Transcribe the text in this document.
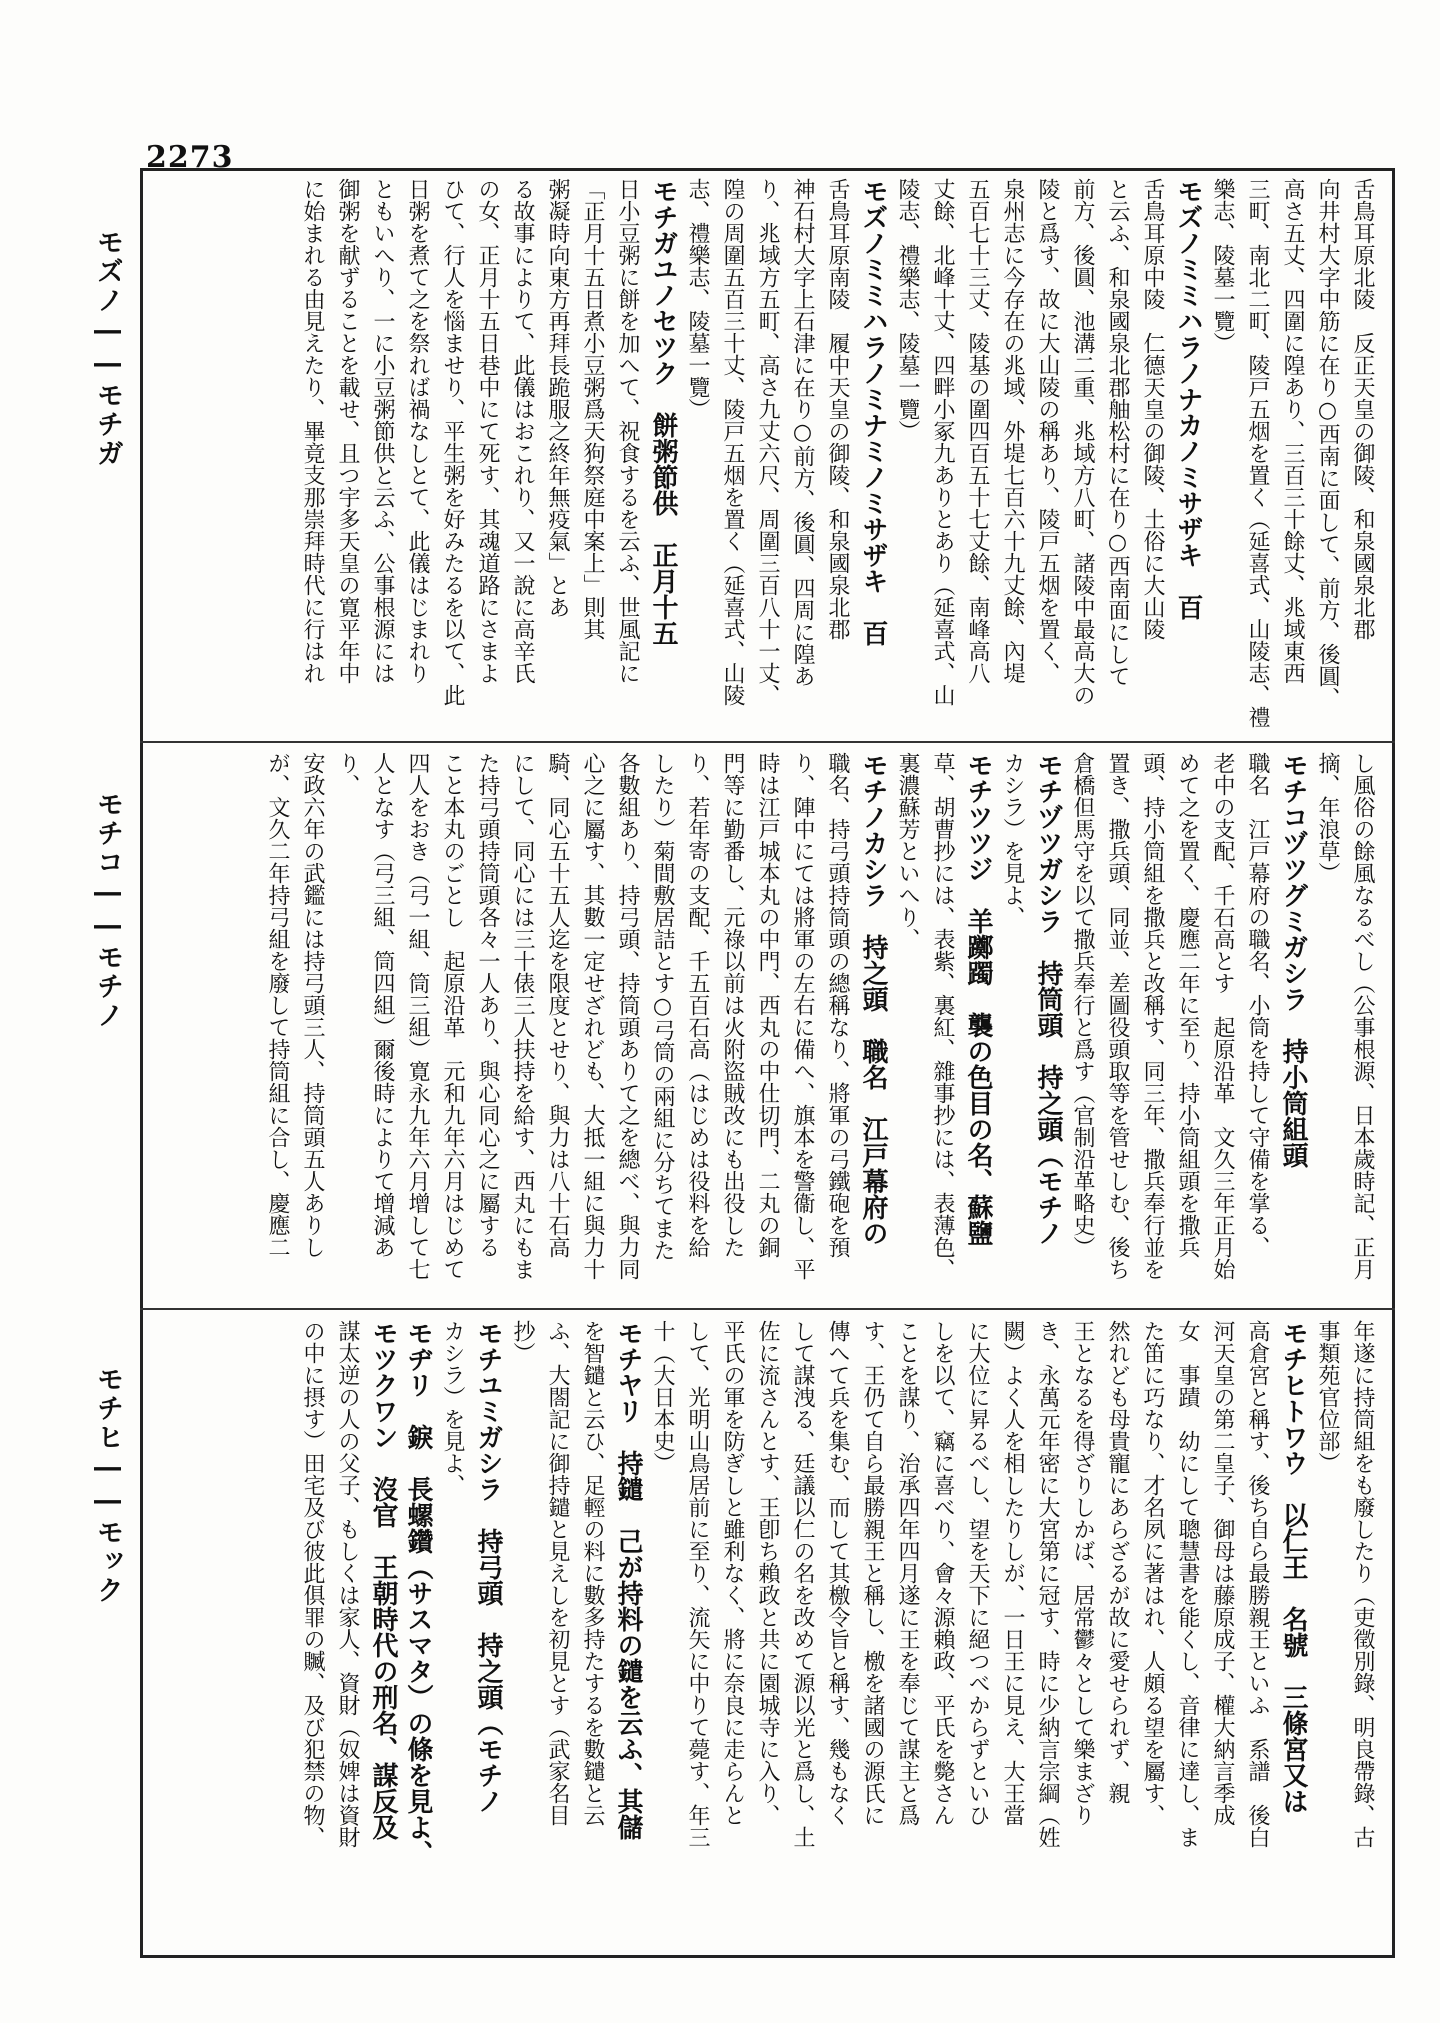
2273
モズノ――モチガ
モチコ――モチノ
モチヒ――モック
舌鳥耳原北陵　反正天皇の御陵、和泉國泉北郡
向井村大字中筋に在り○西南に面して、前方、後圓、
高さ五丈、四圍に隍あり、三百三十餘丈、兆域東西
三町、南北二町、陵戸五烟を置く（延喜式、山陵志、禮
樂志、陵墓一覽）
モズノミミハラノナカノミサザキ　百
舌鳥耳原中陵　仁德天皇の御陵、土俗に大山陵
と云ふ、和泉國泉北郡舳松村に在り○西南面にして
前方、後圓、池溝二重、兆域方八町、諸陵中最高大の
陵と爲す、故に大山陵の稱あり、陵戸五烟を置く、
泉州志に今存在の兆域、外堤七百六十九丈餘、內堤
五百七十三丈、陵基の圍四百五十七丈餘、南峰高八
丈餘、北峰十丈、四畔小冢九ありとあり（延喜式、山
陵志、禮樂志、陵墓一覽）
モズノミミハラノミナミノミサザキ　百
舌鳥耳原南陵　履中天皇の御陵、和泉國泉北郡
神石村大字上石津に在り○前方、後圓、四周に隍あ
り、兆域方五町、高さ九丈六尺、周圍三百八十一丈、
隍の周圍五百三十丈、陵戸五烟を置く（延喜式、山陵
志、禮樂志、陵墓一覽）
モチガユノセツク　餅粥節供　正月十五
日小豆粥に餅を加へて、祝食するを云ふ、世風記に
「正月十五日煮小豆粥爲天狗祭庭中案上」則其
粥凝時向東方再拜長跪服之終年無疫氣」とあ
る故事によりて、此儀はおこれり、又一說に高辛氏
の女、正月十五日巷中にて死す、其魂道路にさまよ
ひて、行人を惱ませり、平生粥を好みたるを以て、此
日粥を煮て之を祭れば禍なしとて、此儀はじまれり
ともいへり、一に小豆粥節供と云ふ、公事根源には
御粥を献ずることを載せ、且つ宇多天皇の寛平年中
に始まれる由見えたり、畢竟支那崇拜時代に行はれ
し風俗の餘風なるべし（公事根源、日本歲時記、正月
摘、年浪草）
モチコヅツグミガシラ　持小筒組頭
職名　江戸幕府の職名、小筒を持して守備を掌る、
老中の支配、千石高とす　起原沿革　文久三年正月始
めて之を置く、慶應二年に至り、持小筒組頭を撒兵
頭、持小筒組を撒兵と改稱す、同三年、撒兵奉行並を
置き、撒兵頭、同並、差圖役頭取等を管せしむ、後ち
倉橋但馬守を以て撒兵奉行と爲す（官制沿革略史）
モチヅツガシラ　持筒頭　持之頭（モチノ
カシラ）を見よ、
モチツツジ　羊躑躅　襲の色目の名、蘇鹽
草、胡曹抄には、表紫、裏紅、雜事抄には、表薄色、
裏濃蘇芳といへり、
モチノカシラ　持之頭　職名　江戸幕府の
職名、持弓頭持筒頭の總稱なり、將軍の弓鐵砲を預
り、陣中にては將軍の左右に備へ、旗本を警衞し、平
時は江戸城本丸の中門、西丸の中仕切門、二丸の銅
門等に勤番し、元祿以前は火附盜賊改にも出役した
り、若年寄の支配、千五百石高（はじめは役料を給
したり）菊間敷居詰とす○弓筒の兩組に分ちてまた
各數組あり、持弓頭、持筒頭ありて之を總べ、與力同
心之に屬す、其數一定せざれども、大抵一組に與力十
騎、同心五十五人迄を限度とせり、與力は八十石高
にして、同心には三十俵三人扶持を給す、西丸にもま
た持弓頭持筒頭各々一人あり、與心同心之に屬する
こと本丸のごとし　起原沿革　元和九年六月はじめて
四人をおき（弓一組、筒三組）寛永九年六月增して七
人となす（弓三組、筒四組）爾後時によりて增減あり、
安政六年の武鑑には持弓頭三人、持筒頭五人ありし
が、文久二年持弓組を廢して持筒組に合し、慶應二
年遂に持筒組をも廢したり（吏徵別錄、明良帶錄、古
事類苑官位部）
モチヒトワウ　以仁王　名號　三條宮又は
高倉宮と稱す、後ち自ら最勝親王といふ　系譜　後白
河天皇の第二皇子、御母は藤原成子、權大納言季成
女　事蹟　幼にして聰慧書を能くし、音律に達し、ま
た笛に巧なり、才名夙に著はれ、人頗る望を屬す、
然れども母貴寵にあらざるが故に愛せられず、親
王となるを得ざりしかば、居常鬱々として樂まざり
き、永萬元年密に大宮第に冠す、時に少納言宗綱（姓
闕）よく人を相したりしが、一日王に見え、大王當
に大位に昇るべし、望を天下に絕つべからずといひ
しを以て、竊に喜べり、會々源賴政、平氏を斃さん
ことを謀り、治承四年四月遂に王を奉じて謀主と爲
す、王仍て自ら最勝親王と稱し、檄を諸國の源氏に
傳へて兵を集む、而して其檄令旨と稱す、幾もなく
して謀洩る、廷議以仁の名を改めて源以光と爲し、土
佐に流さんとす、王卽ち賴政と共に園城寺に入り、
平氏の軍を防ぎしと雖利なく、將に奈良に走らんと
して、光明山鳥居前に至り、流矢に中りて薨す、年三
十（大日本史）
モチヤリ　持鑓　己が持料の鑓を云ふ、其儲
を智鑓と云ひ、足輕の料に數多持たするを數鑓と云
ふ、大閤記に御持鑓と見えしを初見とす（武家名目
抄）
モチユミガシラ　持弓頭　持之頭（モチノ
カシラ）を見よ、
モヂリ　錑　長螺鑽（サスマタ）の條を見よ、
モツクワン　沒官　王朝時代の刑名、謀反及
謀太逆の人の父子、もしくは家人、資財（奴婢は資財
の中に摂す）田宅及び彼此俱罪の贓、及び犯禁の物、
